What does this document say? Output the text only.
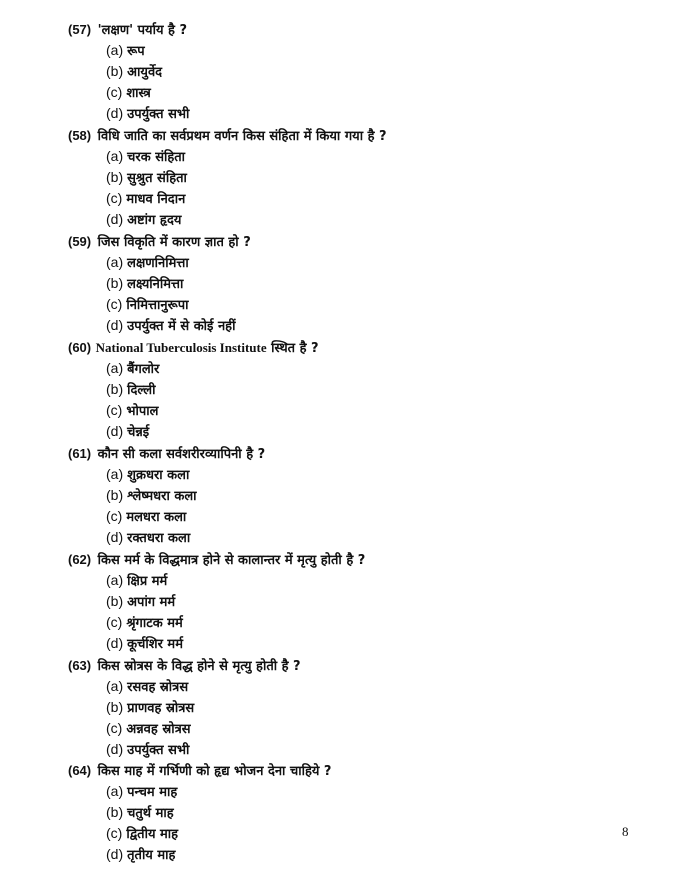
(57) 'लक्षण' पर्याय है ?
(a) रूप
(b) आयुर्वेद
(c) शास्त्र
(d) उपर्युक्त सभी
(58) विधि जाति का सर्वप्रथम वर्णन किस संहिता में किया गया है ?
(a) चरक संहिता
(b) सुश्रुत संहिता
(c) माधव निदान
(d) अष्टांग हृदय
(59) जिस विकृति में कारण ज्ञात हो ?
(a) लक्षणनिमित्ता
(b) लक्ष्यनिमित्ता
(c) निमित्तानुरूपा
(d) उपर्युक्त में से कोई नहीं
(60) National Tuberculosis Institute स्थित है ?
(a) बैंगलोर
(b) दिल्ली
(c) भोपाल
(d) चेन्नई
(61) कौन सी कला सर्वशरीरव्यापिनी है ?
(a) शुक्रधरा कला
(b) श्लेष्मधरा कला
(c) मलधरा कला
(d) रक्तधरा कला
(62) किस मर्म के विद्धमात्र होने से कालान्तर में मृत्यु होती है ?
(a) क्षिप्र मर्म
(b) अपांग मर्म
(c) श्रृंगाटक मर्म
(d) कूर्चशिर मर्म
(63) किस स्रोत्रस के विद्ध होने से मृत्यु होती है ?
(a) रसवह स्रोत्रस
(b) प्राणवह स्रोत्रस
(c) अन्नवह स्रोत्रस
(d) उपर्युक्त सभी
(64) किस माह में गर्भिणी को हृद्य भोजन देना चाहिये ?
(a) पन्चम माह
(b) चतुर्थ माह
(c) द्वितीय माह
(d) तृतीय माह
8
